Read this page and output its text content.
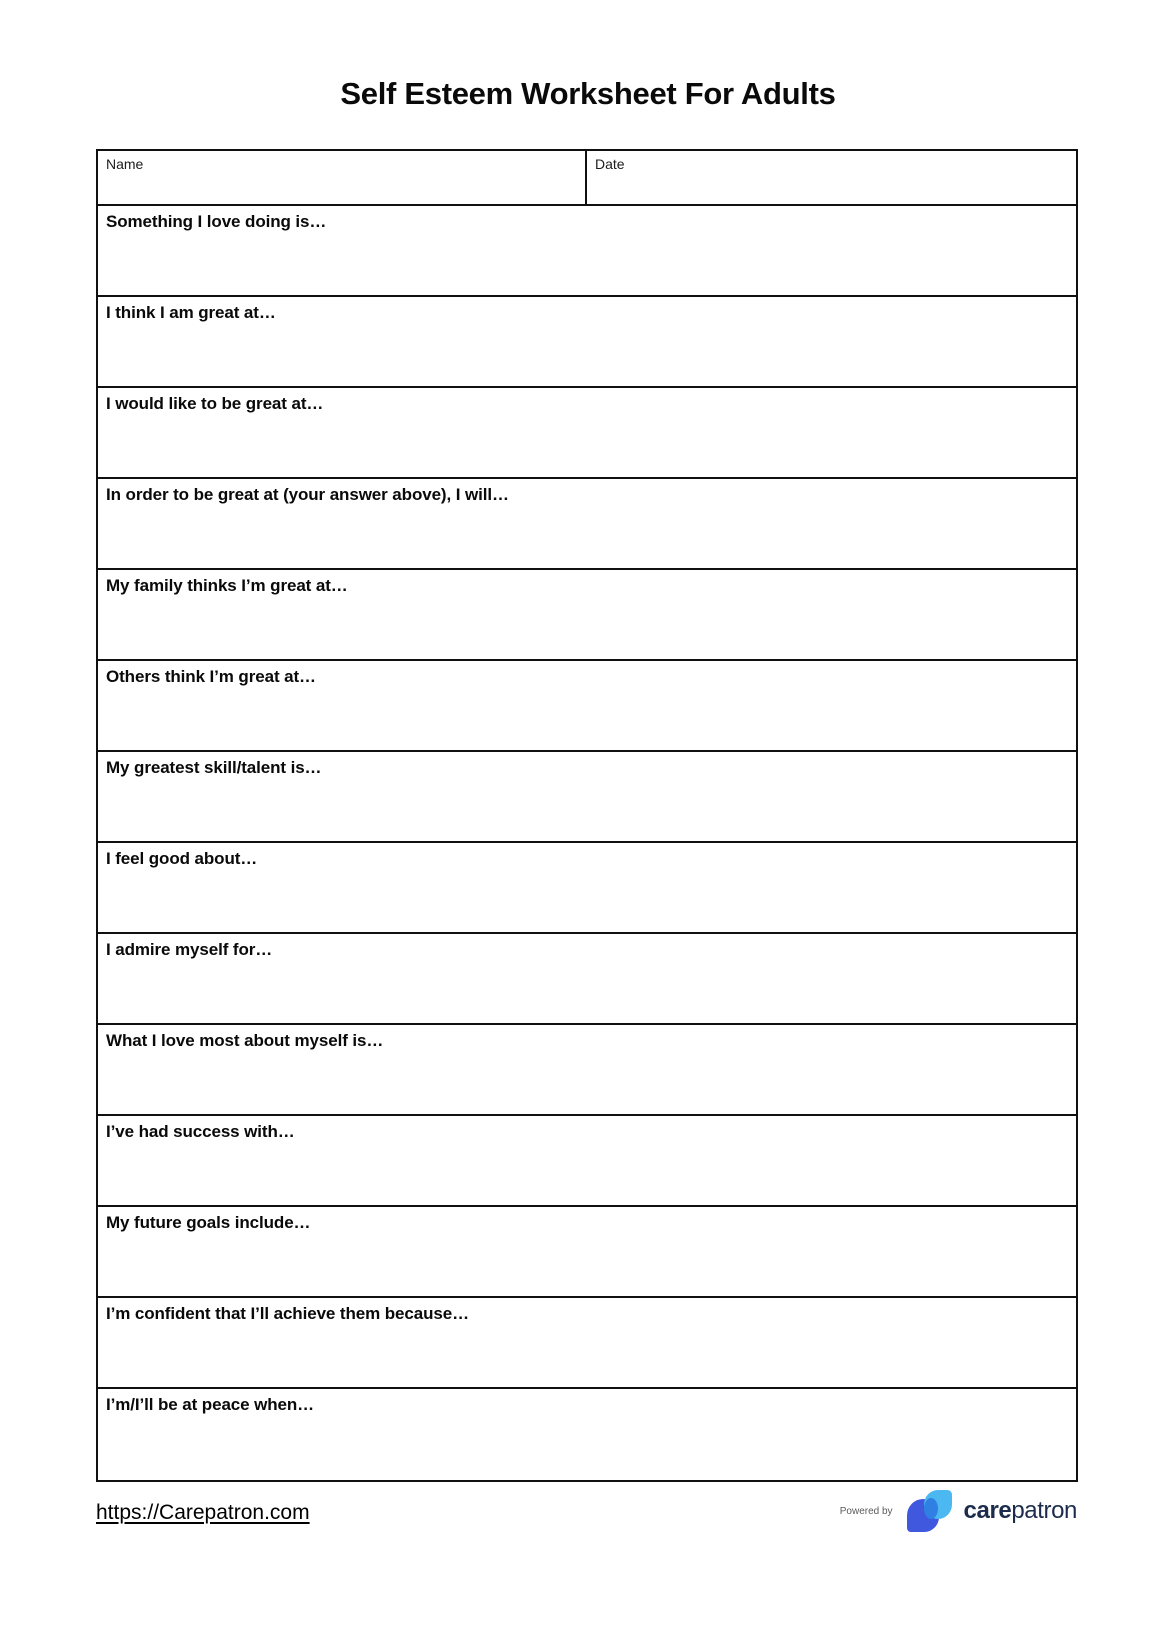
Self Esteem Worksheet For Adults
Name	Date
Something I love doing is…
I think I am great at…
I would like to be great at…
In order to be great at (your answer above), I will…
My family thinks I’m great at…
Others think I’m great at…
My greatest skill/talent is…
I feel good about…
I admire myself for…
What I love most about myself is…
I’ve had success with…
My future goals include…
I’m confident that I’ll achieve them because…
I’m/I’ll be at peace when…
https://Carepatron.com	Powered by	carepatron
